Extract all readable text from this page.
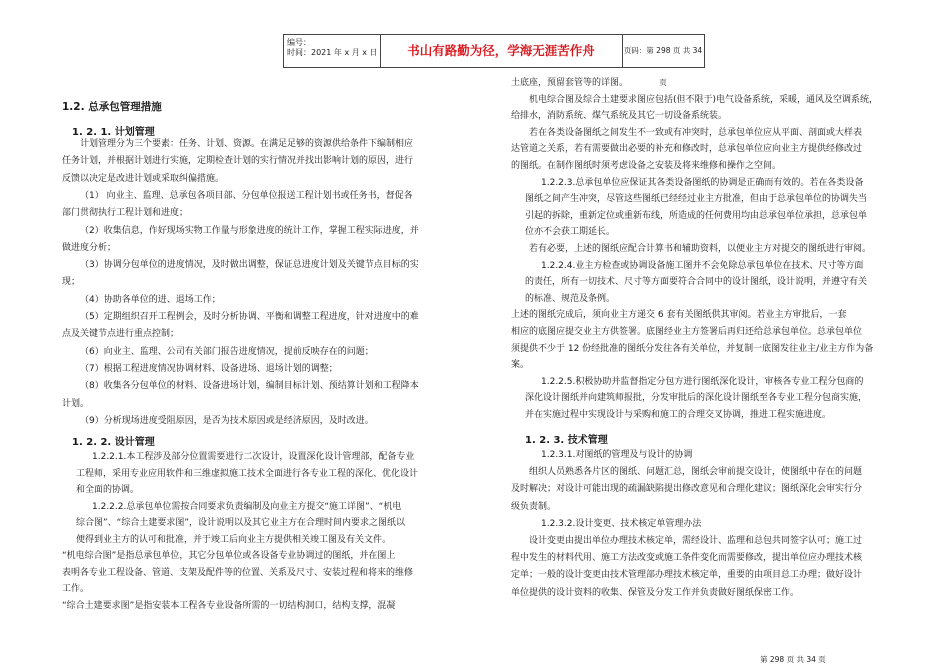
编号：
时间：2021 年 x 月 x 日	书山有路勤为径，学海无涯苦作舟	页码：第 298 页 共 34 页
1.2. 总承包管理措施
1. 2. 1. 计划管理
计划管理分为三个要素：任务、计划、资源。在满足足够的资源供给条件下编制相应
任务计划，并根据计划进行实施，定期检查计划的实行情况并找出影响计划的原因，进行
反馈以决定是改进计划或采取纠偏措施。
（1） 向业主、监理、总承包各项目部、分包单位报送工程计划书或任务书，督促各
部门贯彻执行工程计划和进度；
（2）收集信息，作好现场实物工作量与形象进度的统计工作，掌握工程实际进度，并
做进度分析；
（3）协调分包单位的进度情况，及时做出调整，保证总进度计划及关键节点目标的实
现；
（4）协助各单位的进、退场工作；
（5）定期组织召开工程例会，及时分析协调、平衡和调整工程进度，针对进度中的难
点及关键节点进行重点控制；
（6）向业主、监理、公司有关部门报告进度情况，提前反映存在的问题；
（7）根据工程进度情况协调材料、设备进场、退场计划的调整；
（8）收集各分包单位的材料、设备进场计划，编制目标计划、预结算计划和工程降本
计划。
（9）分析现场进度受阻原因，是否为技术原因或是经济原因，及时改进。
1. 2. 2. 设计管理
1.2.2.1.本工程涉及部分位置需要进行二次设计，设置深化设计管理部，配备专业
工程师，采用专业应用软件和三维虚拟施工技术全面进行各专业工程的深化、优化设计
和全面的协调。
1.2.2.2.总承包单位需按合同要求负责编制及向业主方提交“施工详图”、“机电
综合图”、“综合土建要求图”，设计说明以及其它业主方在合理时间内要求之图纸以
便得到业主方的认可和批准，并于竣工后向业主方提供相关竣工图及有关文件。
“机电综合图”是指总承包单位，其它分包单位或各设备专业协调过的图纸，并在图上
表明各专业工程设备、管道、支架及配件等的位置、关系及尺寸、安装过程和将来的维修
工作。
“综合土建要求图”是指安装本工程各专业设备所需的一切结构洞口，结构支撑，混凝
土底座，预留套管等的详图。
机电综合图及综合土建要求图应包括(但不限于)电气设备系统，采暖，通风及空调系统，
给排水，消防系统、煤气系统及其它一切设备系统装。
若在各类设备图纸之间发生不一致或有冲突时，总承包单位应从平面、剖面或大样表
达管道之关系，若有需要做出必要的补充和修改时，总承包单位应向业主方提供经修改过
的图纸。在制作图纸时须考虑设备之安装及将来维修和操作之空间。
1.2.2.3.总承包单位应保证其各类设备图纸的协调是正确而有效的。若在各类设备
图纸之间产生冲突，尽管这些图纸已经经过业主方批准，但由于总承包单位的协调失当
引起的拆除，重新定位或重新布线，所造成的任何费用均由总承包单位承担，总承包单
位亦不会获工期延长。
若有必要，上述的图纸应配合计算书和辅助资料，以便业主方对提交的图纸进行审阅。
1.2.2.4.业主方检查或协调设备施工图并不会免除总承包单位在技术、尺寸等方面
的责任，所有一切技术、尺寸等方面要符合合同中的设计图纸，设计说明，并遵守有关
的标准、规范及条例。
上述的图纸完成后，须向业主方递交 6 套有关图纸供其审阅。若业主方审批后，一套
相应的底图应提交业主方供签署。底图经业主方签署后再归还给总承包单位。总承包单位
须提供不少于 12 份经批准的图纸分发往各有关单位，并复制一底图发往业主/业主方作为备
案。
1.2.2.5.积极协助并监督指定分包方进行图纸深化设计，审核各专业工程分包商的
深化设计图纸并向建筑师报批，分发审批后的深化设计图纸至各专业工程分包商实施，
并在实施过程中实现设计与采购和施工的合理交叉协调，推进工程实施进度。
1. 2. 3. 技术管理
1.2.3.1.对图纸的管理及与设计的协调
组织人员熟悉各片区的图纸、问题汇总，图纸会审前提交设计，使图纸中存在的问题
及时解决；对设计可能出现的疏漏缺陷提出修改意见和合理化建议；图纸深化会审实行分
级负责制。
1.2.3.2.设计变更、技术核定单管理办法
设计变更由提出单位办理技术核定单，需经设计、监理和总包共同签字认可；施工过
程中发生的材料代用、施工方法改变或施工条件变化而需要修改，提出单位应办理技术核
定单；一般的设计变更由技术管理部办理技术核定单，重要的由项目总工办理；做好设计
单位提供的设计资料的收集、保管及分发工作并负责做好图纸保密工作。
第 298 页 共 34 页
